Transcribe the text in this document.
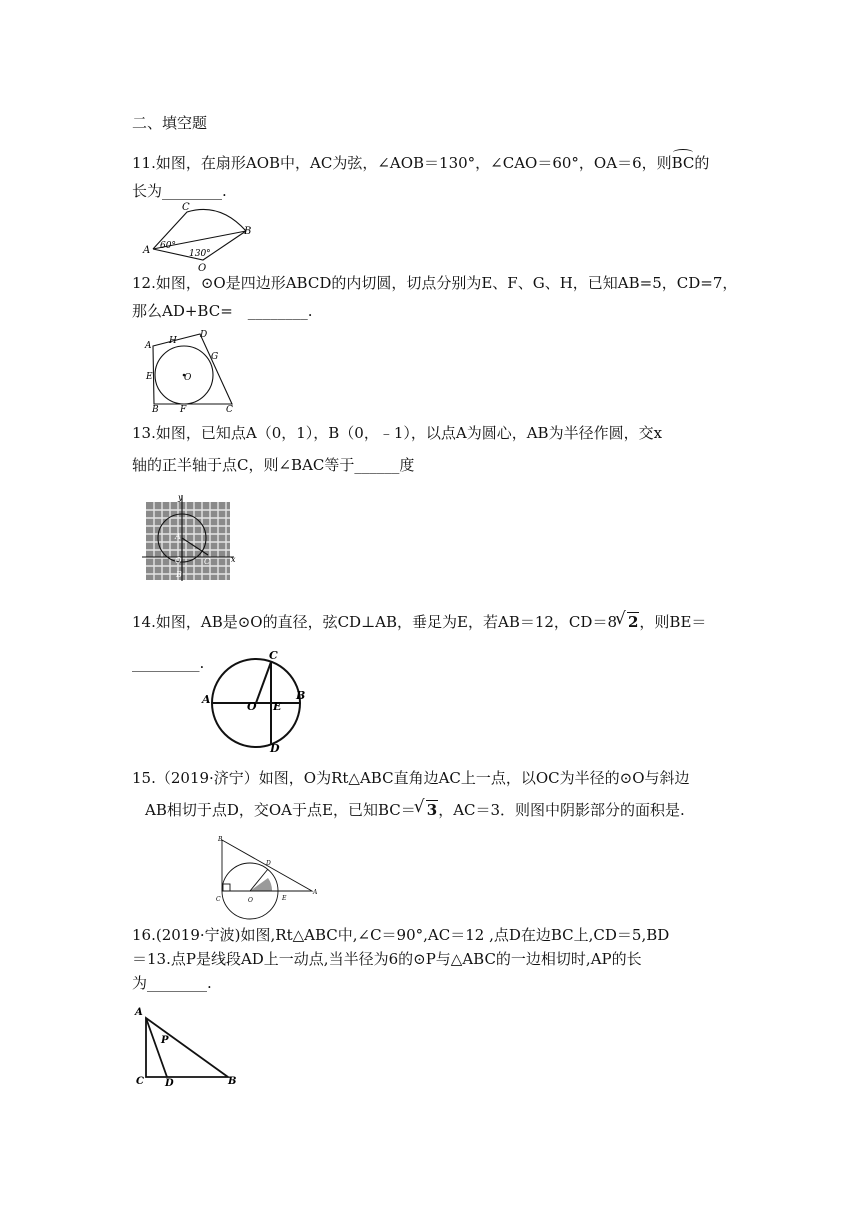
二、填空题

11.如图，在扇形AOB中，AC为弦，∠AOB＝130°，∠CAO＝60°，OA＝6，则BC的

长为________.

C
B
A
O
60°
130°

12.如图，⊙O是四边形ABCD的内切圆，切点分别为E、F、G、H，已知AB=5，CD=7，

那么AD+BC=　________.

A H
D
G
E	O
B F	C

13.如图，已知点A（0，1），B（0，﹣1），以点A为圆心，AB为半径作圆，交x

轴的正半轴于点C，则∠BAC等于______度

y
x
A
O	C
B

14.如图，AB是⊙O的直径，弦CD⊥AB，垂足为E，若AB＝12，CD＝8 √ 2，则BE＝

_________.	C
A
O E
B
D

15.（2019·济宁）如图，O为Rt△ABC直角边AC上一点，以OC为半径的⊙O与斜边

AB相切于点D，交OA于点E，已知BC＝ √ 3，AC＝3．则图中阴影部分的面积是.

B
D
C	O	E
A

16.(2019·宁波)如图,Rt△ABC中,∠C＝90°,AC＝12 ,点D在边BC上,CD＝5,BD

＝13.点P是线段AD上一动点,当半径为6的⊙P与△ABC的一边相切时,AP的长

为________.

A
P
C D	B
